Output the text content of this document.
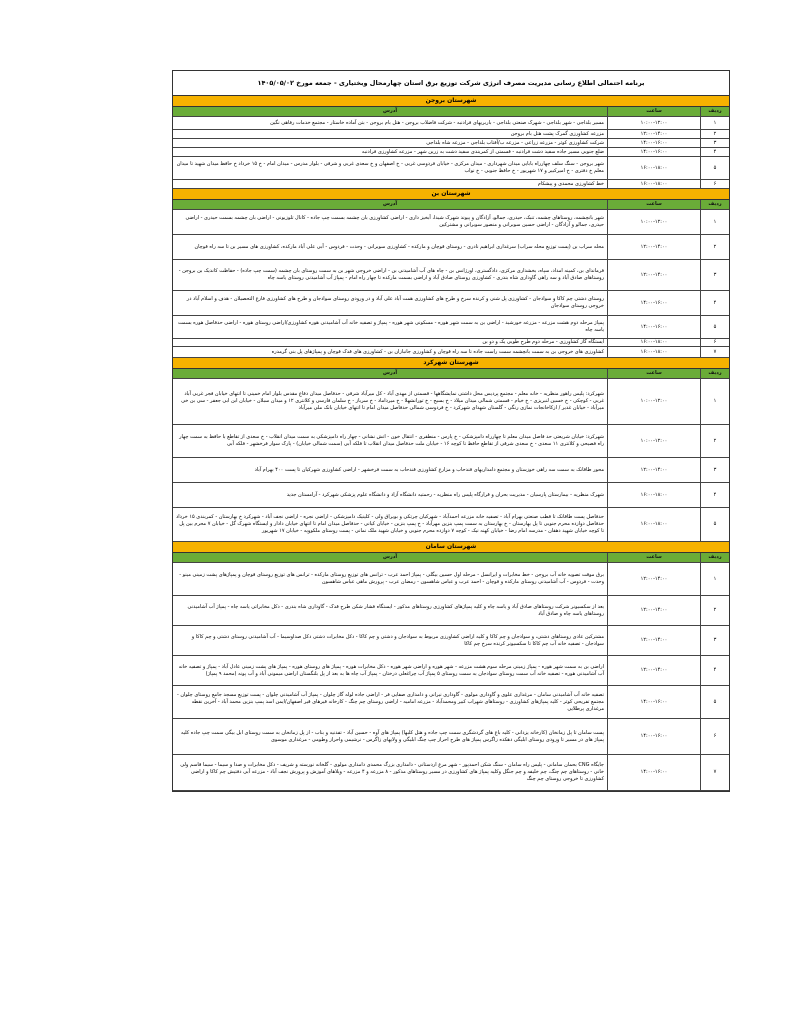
برنامه احتمالی اطلاع رسانی مدیریت مصرف انرژی شرکت توزیع برق استان چهارمحال وبختیاری - جمعه مورخ ۱۴۰۵/۰۵/۰۲
شهرستان بروجن
ردیف	ساعت	آدرس
۱	۱۰:۰۰-۱۲:۰۰	مسیر بلداجی - شهر بلداجی - شهرک صنعتی بلداجی - باربریهای فرادنبه - شرکت فاضلاب بروجن - هتل بام بروجن - بتن آماده خاستار - مجتمع خدمات رفاهی نگین
۲	۱۲:۰۰-۱۴:۰۰	مزرعه کشاورزی گمرک پشت هتل بام بروجن
۳	۱۴:۰۰-۱۶:۰۰	شرکت کشاورزی کوثر - مزرعه زراعی - مزرعه ب/آفتاب بلداجی - مزرعه شاه بلداجی
۴	۱۴:۰۰-۱۶:۰۰	ضلع جنوبی مسیر جاده سفید دشت فرادنبه - قسمتی از کمربندی سفید دشت به زرین شهر - مزرعه کشاورزی فرادنبه
۵	۱۶:۰۰-۱۸:۰۰	شهر بروجن - سنگ سلف چهارراه بابایی میدان شهرداری - میدان مرکزی - خیابان فردوسی غربی - خ اصفهان و خ سعدی غربی و شرقی - بلوار مدرس - میدان امام - خ ۱۵ خرداد خ حافظ میدان شهید تا میدان معلم خ دفتری - خ امیرکبیر و ۱۷ شهریور - خ حافظ جنوبی - خ نواب
۶	۱۶:۰۰-۱۸:۰۰	خط کشاورزی محمدی و پیشکام
شهرستان بن
ردیف	ساعت	آدرس
۱	۱۰:۰۰-۱۲:۰۰	شهر بانچشمه، روستاهای چشمه، تنبک، حیدری، جمالو، آزادگان و پیوند شهرک شیدا، آبخیز داری - اراضی کشاورزی بان چشمه بسمت چپ جاده - کانال تلوزیونی - اراضی بان چشمه بسمت حیدری - اراضی حیدری، جمالو و آزادگان - اراضی حسین سوبرانی و منصور سوبرانی و مشترکین
۲	۱۲:۰۰-۱۴:۰۰	محله سراب بن (پست توزیع محله سراب) سرغداری ابراهیم نادری - روستای قوچان و مارکده - کشاورزی سوبرانی - وحدت - فردوس - آبی علی آباد مارکده، کشاورزی های مسیر بن تا سه راه قوچان
۳	۱۲:۰۰-۱۴:۰۰	فرماندای بن، کمینه امداد، سپاه، بخشداری مرکزی، دادگستری، اورژانس بن - چاه های آب آشامیدنی بن - اراضی خروجی شهر بن به سمت روستای بان چشمه (سمت چپ جاده) - حفاظت کاندیک بن بروجن - روستاهای صادق آباد و سه راهی گاوداری شاه بندری - کشاورزی روستای صادق آباد و اراضی بسمت مارکده تا چهار راه امام - پمپاژ آب آشامیدنی روستای یاسه چاه
۴	۱۴:۰۰-۱۶:۰۰	روستای دشتی چم کاکا و سوادجان - کشاورزی پل شنی و کرنده سرخ و طرح های کشاورزی همت آباد علی آباد و در ورودی روستای سوادجان و طرح های کشاورزی فارغ التحصیلان - هدف و اسلام آباد در خروجی روستای سوادجان
۵	۱۴:۰۰-۱۶:۰۰	پمپاژ مرحله دوم هشت مزرعه - مزرعه خورشید - اراضی بن به سمت شهر هوره - مسکونی شهر هوره - پمپاژ و تصفیه خانه آب آشامیدنی هوره کشاورزی/اراضی روستای هوره - اراضی حدفاصل هوره بسمت یاسه چاه
۶	۱۶:۰۰-۱۸:۰۰	ایستگاه گاز کشاورزی - مرحله دوم طرح طوبی یک و دو بن
۷	۱۶:۰۰-۱۸:۰۰	کشاورزی های خروجی بن به سمت بانچشمه سمت راست جاده تا سه راه قوچان و کشاورزی جانبازان بن - کشاورزی های قدک قوچان و پمپاژهای پل بنی گرمدره
شهرستان شهرکرد
ردیف	ساعت	آدرس
۱	۱۰:۰۰-۱۲:۰۰	شهرکرد: پلیس راهور منظریه - خانه معلم - مجتمع پردیس محل داشتی نمایشگاهها - قسمتی از مهدی آباد - کل میرآباد شرقی - حدفاصل میدان دفاع مقدس بلوار امام خمینی تا انتهای خیابان فجر غربی آباد غربی - کوچکی - خ خسین لنبریزی - خ خیام - قسمتی شمالی میدان میلاد - خ بسیج - خ تورانشهلا - خ میرداماد - خ سرباز - خ سلمان فارسی و کلانتری ۱۲ و میدان سبلان - خیابان ابن ابی جعفر - سی بن خی میرآباد - خیابان غدیر / ازکاخانجات نمازی رنگی - گلستان شهدای شهرکرد - خ فردوسی شمالی حدفاصل میدان امام تا انتهای خیابان بانک ملی میرآباد
۲	۱۰:۰۰-۱۲:۰۰	شهرکرد: خیابان شریعتی حد فاصل میدان معلم تا چهارراه دامپزشکی - خ پارس - منطقری - انتقال خون - اتش نشانی - چهار راه دامپزشکی به سمت میدان انقلاب - خ سعدی از تقاطع با حافظ به سمت چهار راه فصیحی و کلانتری ۱۱ سعدی - خ سعدی شرقی از تقاطع حافظ تا کوچه ۱۶ - خیابان ملت حدفاصل میدان انقلاب تا فلکه آبی (سمت شمالی خیابان) - پارک سوار فرخشهر - فلکه آبی
۳	۱۲:۰۰-۱۴:۰۰	محور طاقانک به سمت سه راهی خوزستان و مجتمع دامداریهای قندحاب و مزارع کشاورزی قندحاب به سمت فرخشهر - اراضی کشاورزی شهرکیان تا پست ۴۰۰ بهرام آباد
۴	۱۶:۰۰-۱۸:۰۰	شهرک منظریه - بیمارستان پارسیان - مدیریت بحران و قرارگاه پلیس راه منظریه - رحمتیه دانشگاه آزاد و دانشگاه علوم پزشکی شهرکرد - آرامستان جدید
۵	۱۶:۰۰-۱۸:۰۰	حدفاصل پست طاقانک تا قطب صنعتی بهرام آباد - تصفیه خانه مزرعه احمدآباد - شهرکیان چرتکی و بویراق ولی - کلینیک دامپزشکی - اراضی نجره - اراضی نجف آباد - شهرکرد خ بهارستان - کمربندی ۱۵ خرداد حدفاصل دوازده محرم جنوبی تا پل بهارستان - خ بهارستان به سمت پمپ بنزین مهرآباد - خ پمپ بنزین - خیابان کیانی - حدفاصل میدان امام تا انتهای خیابان دادار و ایستگاه شهرک گل - خیابان ۷ محرم بین پل تا کوچه خیابان شهید دهقان - مدرسه امام رضا - خیابان کهنه نیک - کوچه ۷ دوازده محرم جنوبی و خیابان شهید ملک نمانی - پست روستای ملکوویه - خیابان ۱۷ شهریور
شهرستان سامان
ردیف	ساعت	آدرس
۱	۱۲:۰۰-۱۴:۰۰	برق موقت تصویه خانه آب بروجن - خط مخابرات و ایرانسل - مرحله اول حسین بیگلی - پمپاژ احمد عرب - ترانس های توزیع روستای مارکده - ترانس های توزیع روستای قوچان و پمپاژهای پشت زمینی مینو - وحدت - فردوس - آب آشامیدنی روستای مارکده و قوچان - احمد عرب و عباس شاهسون - رمضان عرب - پرورش ماهی عباس شاهسون
۲	۱۲:۰۰-۱۴:۰۰	بعد از سکسیونر شرکت روستاهای صادق آباد و یاسه چاه و کلیه پمپاژهای کشاورزی روستاهای مذکور - ایستگاه فشار شکن طرح قدک - گاوداری شاه بندری - دکل مخابراتی یاسه چاه - پمپاژ آب آشامیدنی روستاهای یاسه چاه و صادق آباد
۳	۱۲:۰۰-۱۴:۰۰	مشترکین عادی روستاهای دشتی، و سوادجان و چم کاکا و کلیه اراضی کشاورزی مربوط به سوادجان و دشتی و چم کاکا - دکل مخابرات دشتی دکل صداوسیما - آب آشامیدنی روستای دشتی و چم کاکا و سوادجان - تصفیه خانه آب چم کاکا تا سکسیونر کرنده سرخ چم کاکا
۴	۱۲:۰۰-۱۴:۰۰	اراضی بن به سمت شهر هوره - پمپاژ زمینی مرحله سوم هشت مزرعه - شهر هوره و اراضی شهر هوره - دکل مخابرات هوره - پمپاژ های روستای هوره - پمپاژ های پشت زمینی عادل آباد - پمپاژ و تصفیه خانه آب آشامیدنی هوره - تصفیه خانه آب سمت روستای سوادجان به سمت روستای ۵ پمپاژ آب چراغعلی درختان - پمپاژ آب چاه ها به بعد از پل بلنگستان اراضی میمونی آباد و آب پونه (محمد ۹ پمپاژ)
۵	۱۴:۰۰-۱۶:۰۰	تصفیه خانه آب آشامیدنی سامان - مرغداری علوی و گاوداری مولوی - گاوداری نیرانی و دامداری صفایی فر - اراضی جاده لوله گاز چلوان - پمپاژ آب آشامیدنی چلوان - پست توزیع مسجد جامع روستای چلوان - مجتمع تفریحی کوثر - کلیه پمپاژهای کشاورزی - روستاهای شهراب کبیر ومحمدآباد - مزرعه امامیه - اراضی روستای چم چنگ - کارخانه قیرهای قیر اصفهان/ایمن اسد پمپ بنزین محمد آباد - آخرین نقطه مرغداری پرطلایی
۶	۱۴:۰۰-۱۶:۰۰	پست سامان تا پل زمانخان (کارخانه یزدانی - کلیه باغ های گردشگری سمت چپ جاده و هتل کلبها) پمپاژ های آوه - حسین آباد - تفدنیه و بناب - از پل زمانخان به سمت روستای ابل بیگی سمت چپ جاده کلیه پمپاژ های در مسیر تا ورودی روستای ابلیگی دهکده زاگرس پمپاژ های طرح احراز چپ چنگ ابلیگی و ولایهای زاگرس - نرشیمی واحراز وطومی - مرغداری موسوی
۷	۱۴:۰۰-۱۶:۰۰	جایگاه CNG بحمان سامانی - پلیس راه سامان - سنگ شکن احمدپور - شهر مرغ اردستانی - دامداری بزرگ محمدی دامداری مولوی - گلخانه نورسته و شریف - دکل مخابرات و صدا و سیما - سیما قاسم ولی خانی - روستاهای چم چنگ، چم خلیفه و چم جنگل وکلیه پمپاژ های کشاورزی در مسیر روستاهای مذکور - ۸ مزرعه و ۴ مزرعه - ویلاهای آموزش و پرورش نجف آباد - مزرعه آبی دفتیش چم کاکا و اراضی کشاورزی تا خروجی روستای چم چنگ
